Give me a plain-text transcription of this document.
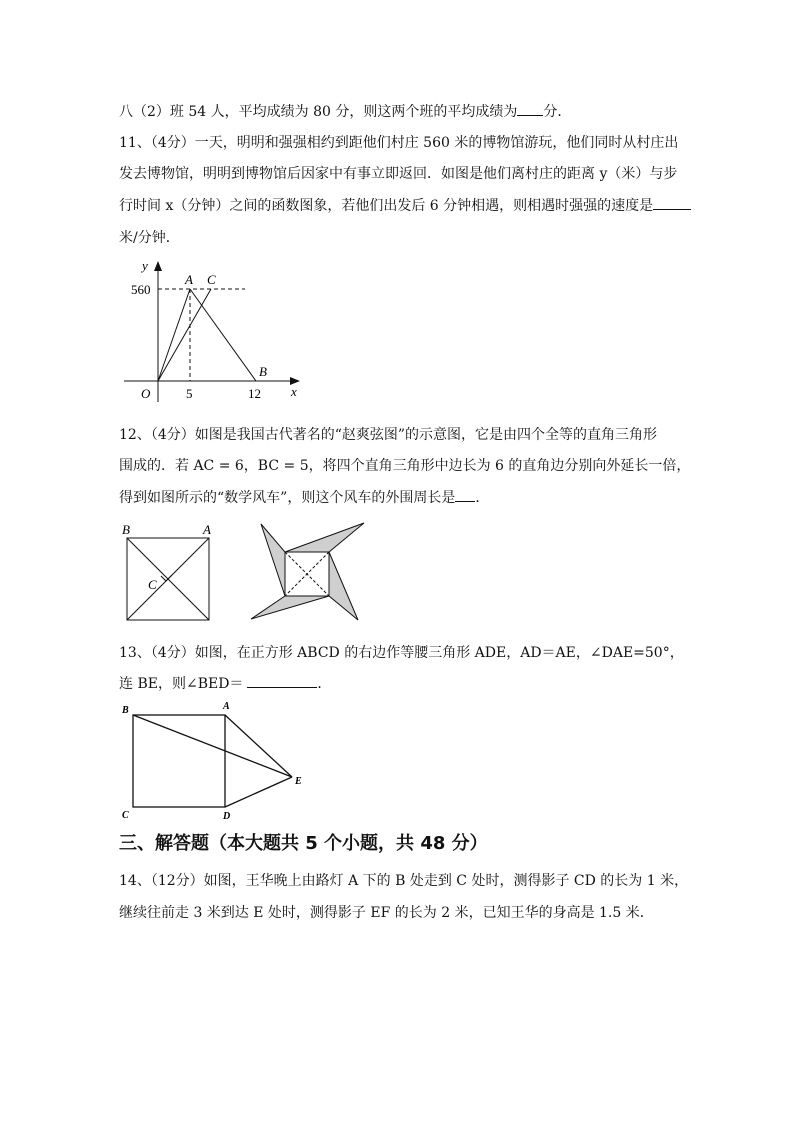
八（2）班 54 人，平均成绩为 80 分，则这两个班的平均成绩为 分．
11、（4分）一天，明明和强强相约到距他们村庄 560 米的博物馆游玩，他们同时从村庄出
发去博物馆，明明到博物馆后因家中有事立即返回．如图是他们离村庄的距离 y（米）与步
行时间 x（分钟）之间的函数图象，若他们出发后 6 分钟相遇，则相遇时强强的速度是
米/分钟．
y
x
O
560
5	12
A C
B
12、（4分）如图是我国古代著名的“赵爽弦图”的示意图，它是由四个全等的直角三角形
围成的．若 AC = 6，BC = 5，将四个直角三角形中边长为 6 的直角边分别向外延长一倍，
得到如图所示的“数学风车”，则这个风车的外围周长是 ．
B	A
C
13、（4分）如图，在正方形 ABCD 的右边作等腰三角形 ADE，AD＝AE，∠DAE=50°，
连 BE，则∠BED＝	．
B	A
C	D
E
三、解答题（本大题共 5 个小题，共 48 分）
14、（12分）如图，王华晚上由路灯 A 下的 B 处走到 C 处时，测得影子 CD 的长为 1 米，
继续往前走 3 米到达 E 处时，测得影子 EF 的长为 2 米，已知王华的身高是 1.5 米．
